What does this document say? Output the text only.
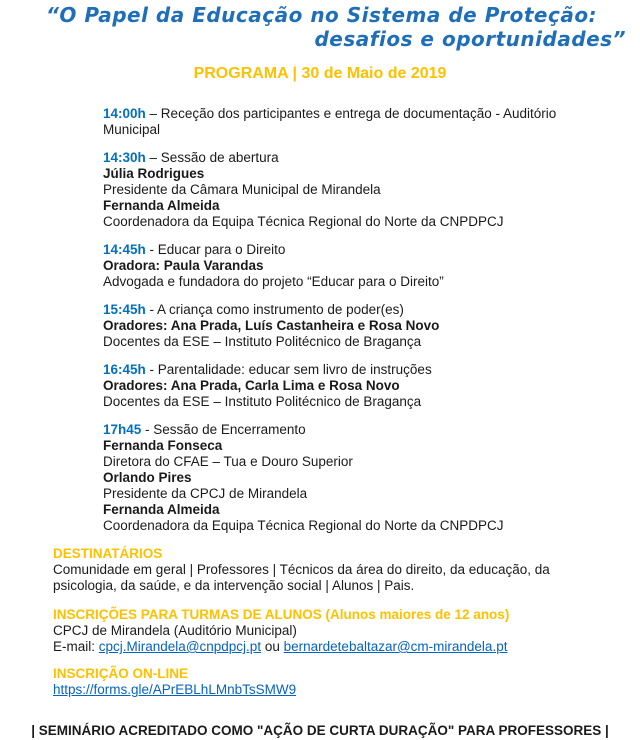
“O Papel da Educação no Sistema de Proteção:
desafios e oportunidades”
PROGRAMA | 30 de Maio de 2019
14:00h – Receção dos participantes e entrega de documentação - Auditório Municipal
14:30h – Sessão de abertura
Júlia Rodrigues
Presidente da Câmara Municipal de Mirandela
Fernanda Almeida
Coordenadora da Equipa Técnica Regional do Norte da CNPDPCJ
14:45h - Educar para o Direito
Oradora: Paula Varandas
Advogada e fundadora do projeto “Educar para o Direito”
15:45h - A criança como instrumento de poder(es)
Oradores: Ana Prada, Luís Castanheira e Rosa Novo
Docentes da ESE – Instituto Politécnico de Bragança
16:45h - Parentalidade: educar sem livro de instruções
Oradores: Ana Prada, Carla Lima e Rosa Novo
Docentes da ESE – Instituto Politécnico de Bragança
17h45 - Sessão de Encerramento
Fernanda Fonseca
Diretora do CFAE – Tua e Douro Superior
Orlando Pires
Presidente da CPCJ de Mirandela
Fernanda Almeida
Coordenadora da Equipa Técnica Regional do Norte da CNPDPCJ
DESTINATÁRIOS
Comunidade em geral | Professores | Técnicos da área do direito, da educação, da psicologia, da saúde, e da intervenção social | Alunos | Pais.
INSCRIÇÕES PARA TURMAS DE ALUNOS (Alunos maiores de 12 anos)
CPCJ de Mirandela (Auditório Municipal)
E-mail: cpcj.Mirandela@cnpdpcj.pt ou bernardetebaltazar@cm-mirandela.pt
INSCRIÇÃO ON-LINE
https://forms.gle/APrEBLhLMnbTsSMW9
| SEMINÁRIO ACREDITADO COMO "AÇÃO DE CURTA DURAÇÃO" PARA PROFESSORES |
